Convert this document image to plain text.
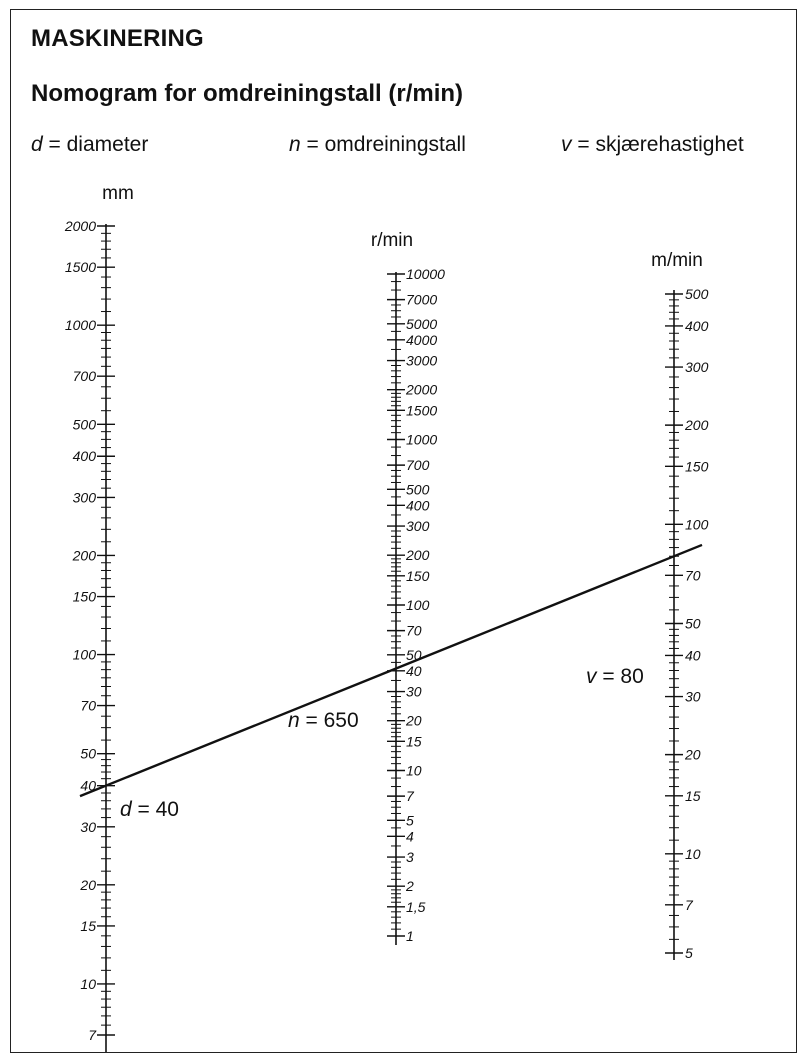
MASKINERING
Nomogram for omdreiningstall (r/min)
d = diameter	n = omdreiningstall	v = skjærehastighet
mm
2000
1500
1000
700
500
400
300
200
150
100
70
50
40
30
20
15
10
7
r/min
1
1,5
2
3
4
5
7
10
15
20
30
40
50
70
100
150
200
300
400
500
700
1000
1500
2000
3000
4000
5000
7000
10000
m/min
5
7
10
15
20
30
40
50
70
100
150
200
300
400
500
d = 40
n = 650
v = 80
